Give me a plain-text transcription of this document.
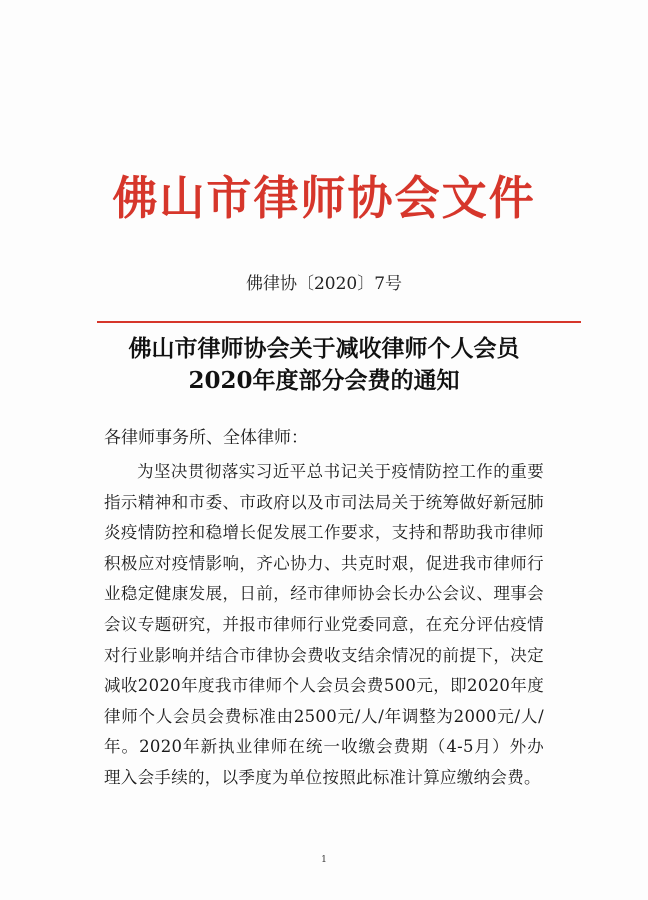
佛山市律师协会文件
佛律协〔2020〕7号
佛山市律师协会关于减收律师个人会员
2020年度部分会费的通知
各律师事务所、全体律师：

为坚决贯彻落实习近平总书记关于疫情防控工作的重要指示精神和市委、市政府以及市司法局关于统筹做好新冠肺炎疫情防控和稳增长促发展工作要求，支持和帮助我市律师积极应对疫情影响，齐心协力、共克时艰，促进我市律师行业稳定健康发展，日前，经市律师协会长办公会议、理事会会议专题研究，并报市律师行业党委同意，在充分评估疫情对行业影响并结合市律协会费收支结余情况的前提下，决定减收2020年度我市律师个人会员会费500元，即2020年度律师个人会员会费标准由2500元/人/年调整为2000元/人/年。2020年新执业律师在统一收缴会费期（4-5月）外办理入会手续的，以季度为单位按照此标准计算应缴纳会费。

1
